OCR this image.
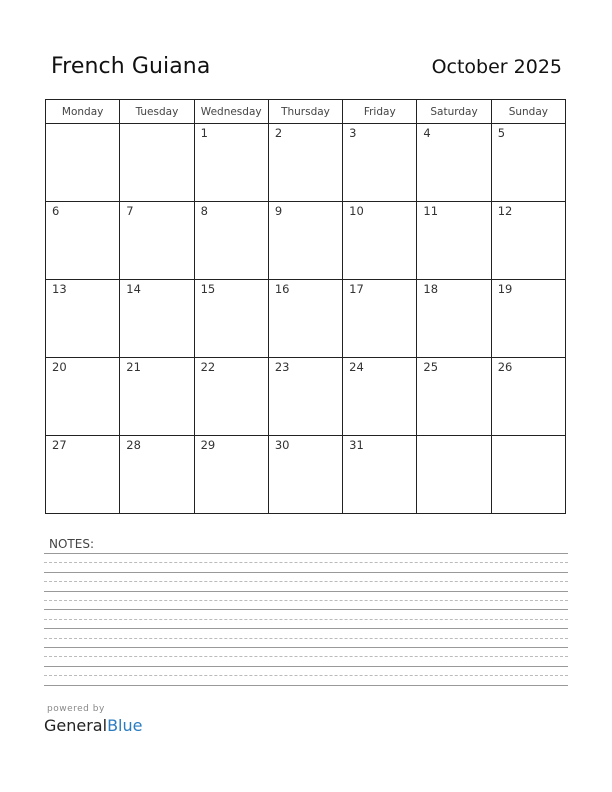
French Guiana	October 2025
Monday	Tuesday	Wednesday	Thursday	Friday	Saturday	Sunday

		1	2	3	4	5

6	7	8	9	10	11	12

13	14	15	16	17	18	19

20	21	22	23	24	25	26

27	28	29	30	31		

NOTES:
powered by
GeneralBlue
